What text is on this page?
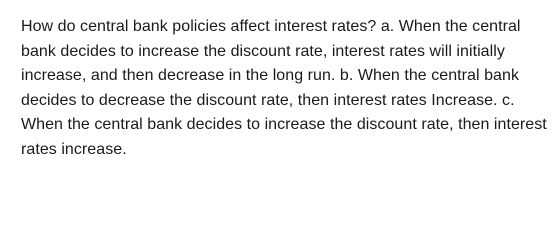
How do central bank policies affect interest rates? a. When the central bank decides to increase the discount rate, interest rates will initially increase, and then decrease in the long run. b. When the central bank decides to decrease the discount rate, then interest rates Increase. c. When the central bank decides to increase the discount rate, then interest rates increase.
